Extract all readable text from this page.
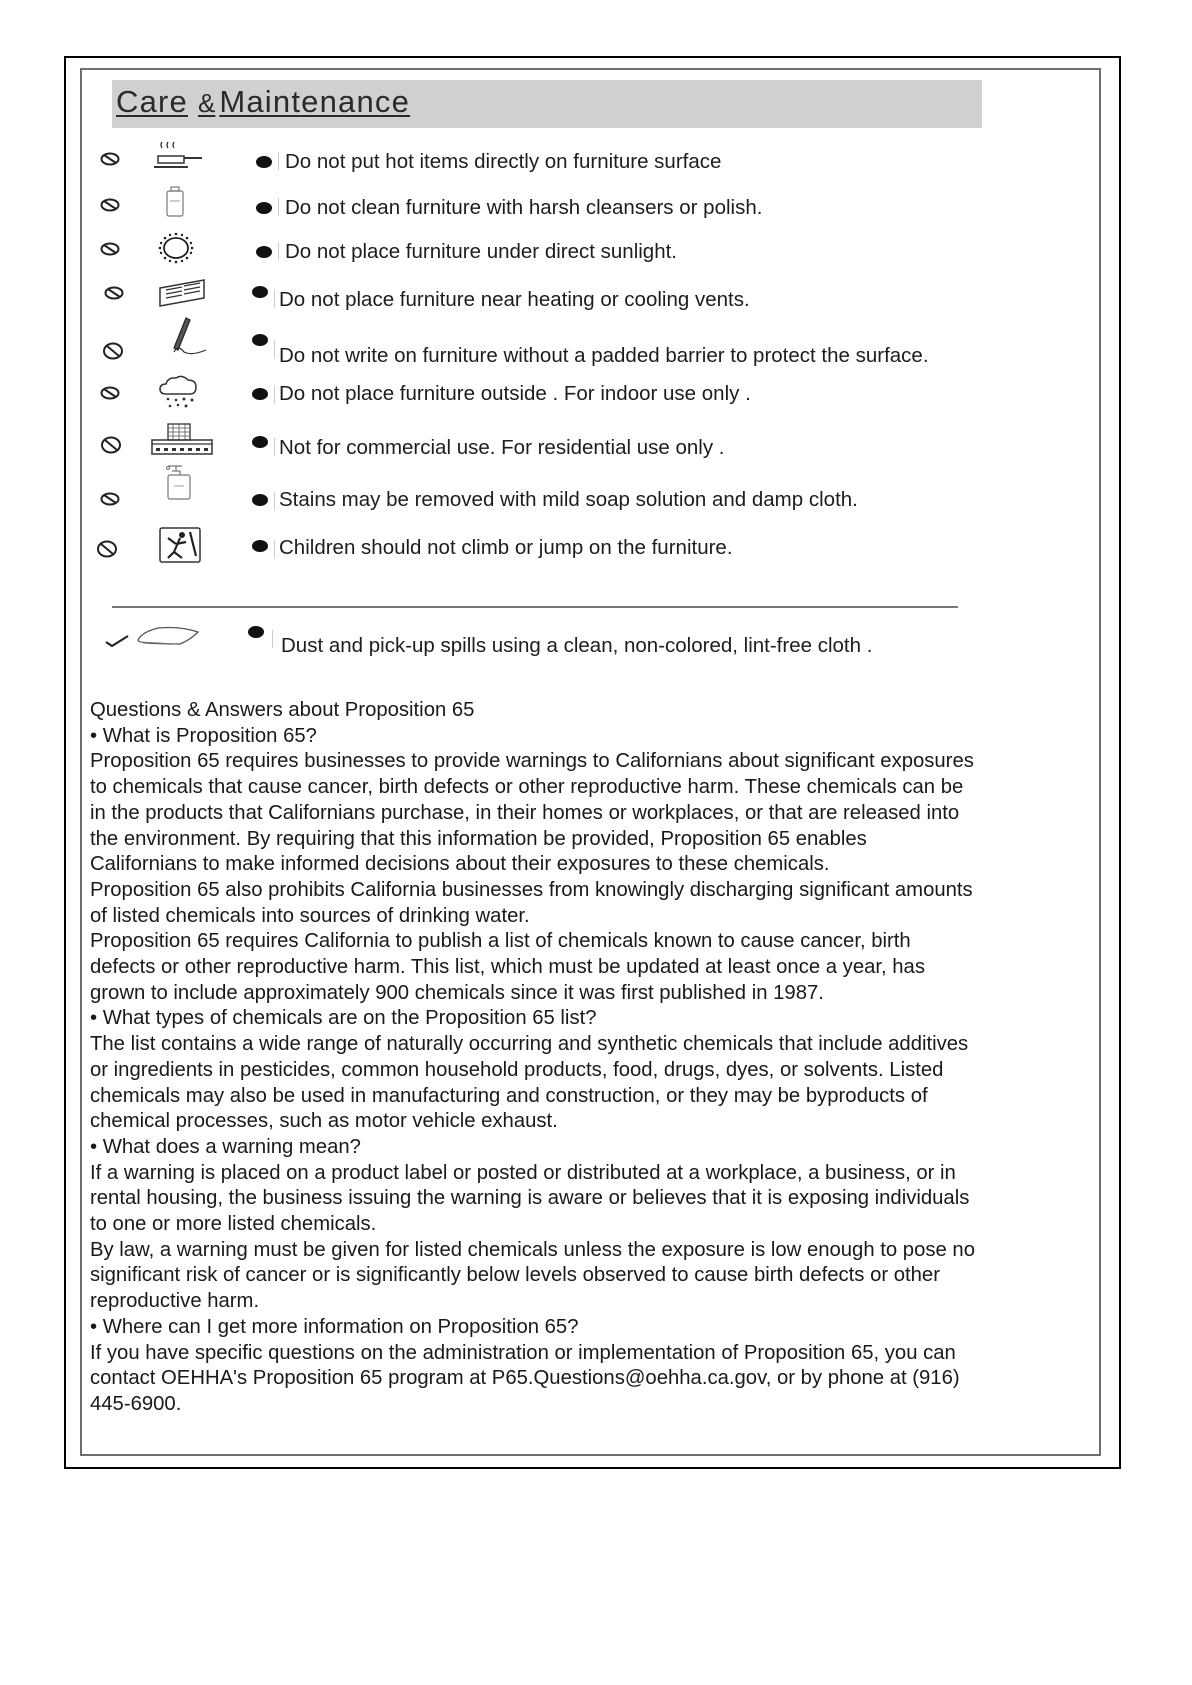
Care & Maintenance
Do not put hot items directly on furniture surface
Do not clean furniture with harsh cleansers or polish.
Do not place furniture under direct sunlight.
Do not place furniture near heating or cooling vents.
Do not write on furniture without a padded barrier to protect the surface.
Do not place furniture outside . For indoor use only .
Not for commercial use. For residential use only .
Stains may be removed with mild soap solution and damp cloth.
Children should not climb or jump on the furniture.
Dust and pick-up spills using a clean, non-colored, lint-free cloth .
Questions & Answers about Proposition 65
• What is Proposition 65?
Proposition 65 requires businesses to provide warnings to Californians about significant exposures
to chemicals that cause cancer, birth defects or other reproductive harm. These chemicals can be
in the products that Californians purchase, in their homes or workplaces, or that are released into
the environment. By requiring that this information be provided, Proposition 65 enables
Californians to make informed decisions about their exposures to these chemicals.
Proposition 65 also prohibits California businesses from knowingly discharging significant amounts
of listed chemicals into sources of drinking water.
Proposition 65 requires California to publish a list of chemicals known to cause cancer, birth
defects or other reproductive harm. This list, which must be updated at least once a year, has
grown to include approximately 900 chemicals since it was first published in 1987.
• What types of chemicals are on the Proposition 65 list?
The list contains a wide range of naturally occurring and synthetic chemicals that include additives
or ingredients in pesticides, common household products, food, drugs, dyes, or solvents. Listed
chemicals may also be used in manufacturing and construction, or they may be byproducts of
chemical processes, such as motor vehicle exhaust.
• What does a warning mean?
If a warning is placed on a product label or posted or distributed at a workplace, a business, or in
rental housing, the business issuing the warning is aware or believes that it is exposing individuals
to one or more listed chemicals.
By law, a warning must be given for listed chemicals unless the exposure is low enough to pose no
significant risk of cancer or is significantly below levels observed to cause birth defects or other
reproductive harm.
• Where can I get more information on Proposition 65?
If you have specific questions on the administration or implementation of Proposition 65, you can
contact OEHHA's Proposition 65 program at P65.Questions@oehha.ca.gov, or by phone at (916)
445-6900.
